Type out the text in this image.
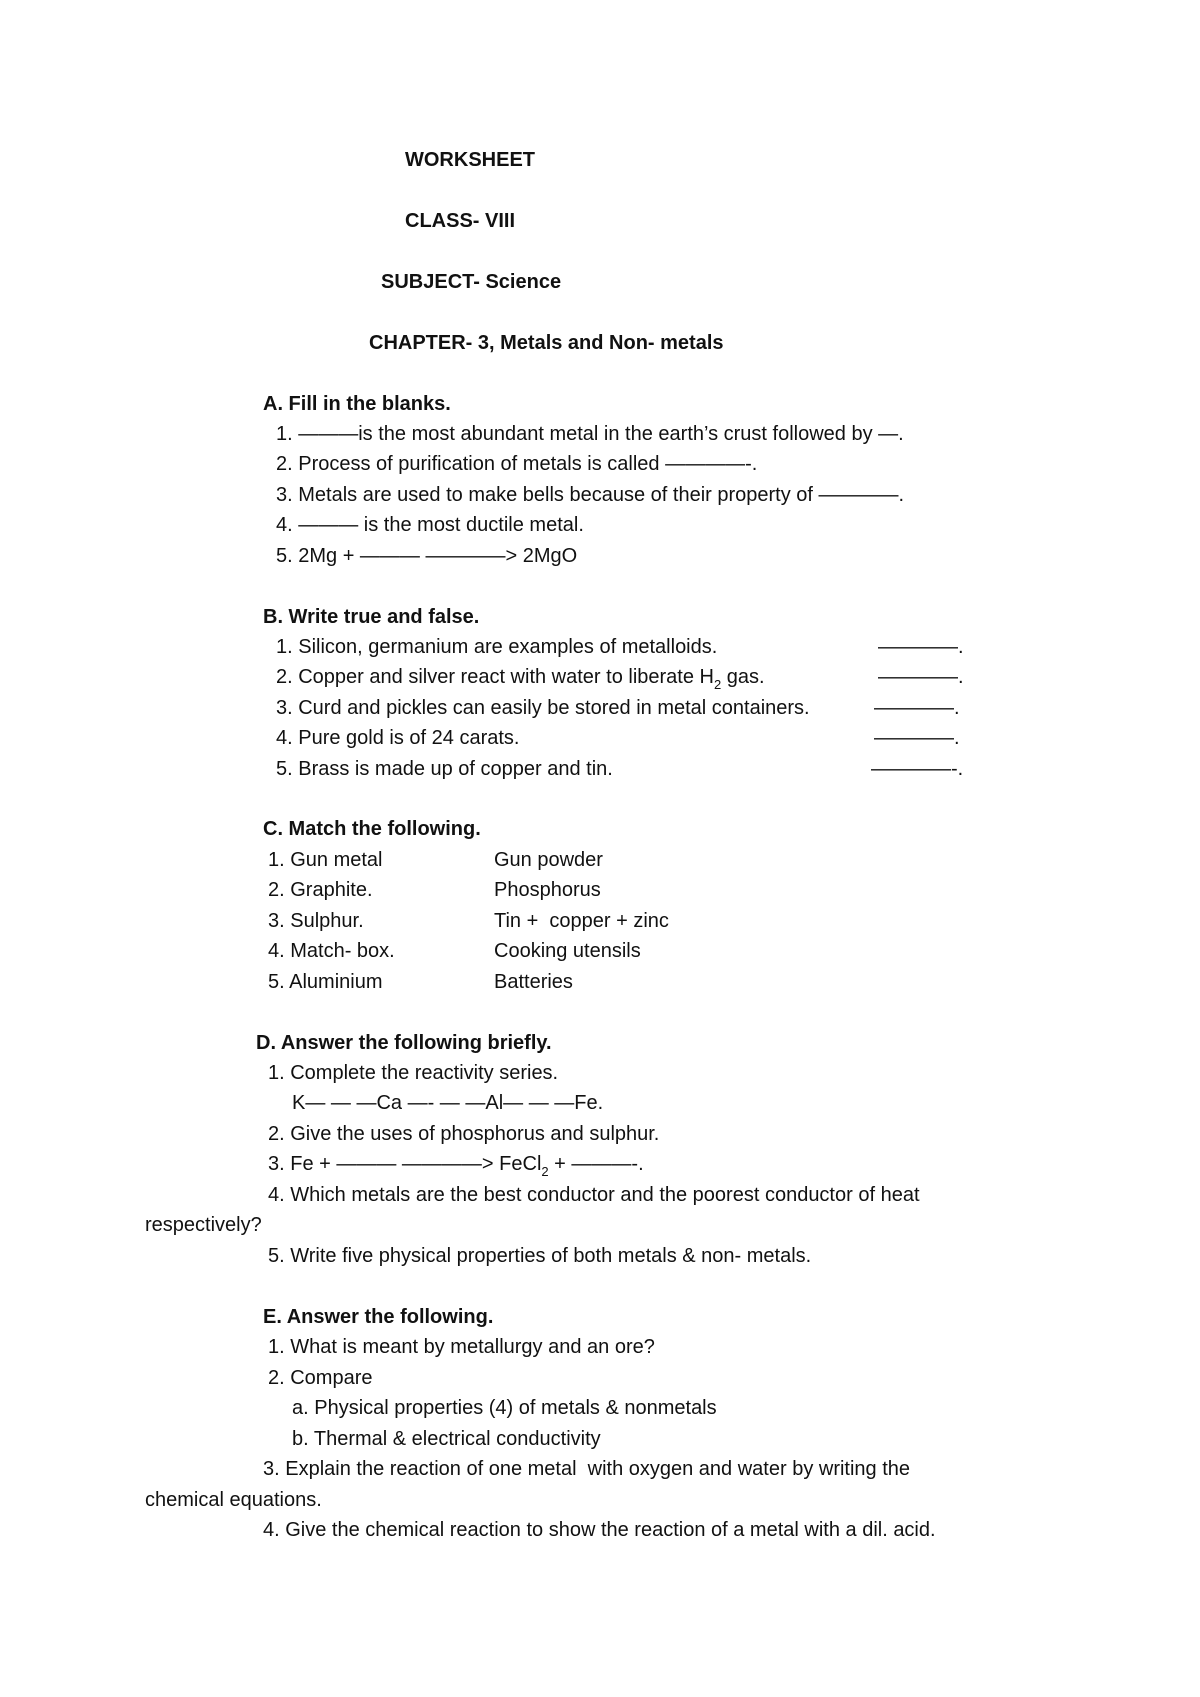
WORKSHEET
CLASS- VIII
SUBJECT- Science
CHAPTER- 3, Metals and Non- metals
A. Fill in the blanks.
1. ———is the most abundant metal in the earth’s crust followed by —.
2. Process of purification of metals is called ————-.
3. Metals are used to make bells because of their property of ————.
4. ——— is the most ductile metal.
5. 2Mg + ——— ————> 2MgO
B. Write true and false.
1. Silicon, germanium are examples of metalloids.	————.
2. Copper and silver react with water to liberate $H_2$ gas.	————.
3. Curd and pickles can easily be stored in metal containers.	————.
4. Pure gold is of 24 carats.	————.
5. Brass is made up of copper and tin.	————-.
C. Match the following.
1. Gun metal	Gun powder
2. Graphite.	Phosphorus
3. Sulphur.	Tin +  copper + zinc
4. Match- box.	Cooking utensils
5. Aluminium	Batteries
D. Answer the following briefly.
1. Complete the reactivity series.
K— — —Ca —- — —Al— — —Fe.
2. Give the uses of phosphorus and sulphur.
3. Fe + ——— ————> FeCl$_2$ + ———-.
4. Which metals are the best conductor and the poorest conductor of heat
respectively?
5. Write five physical properties of both metals & non- metals.
E. Answer the following.
1. What is meant by metallurgy and an ore?
2. Compare
a. Physical properties (4) of metals & nonmetals
b. Thermal & electrical conductivity
3. Explain the reaction of one metal  with oxygen and water by writing the
chemical equations.
4. Give the chemical reaction to show the reaction of a metal with a dil. acid.
